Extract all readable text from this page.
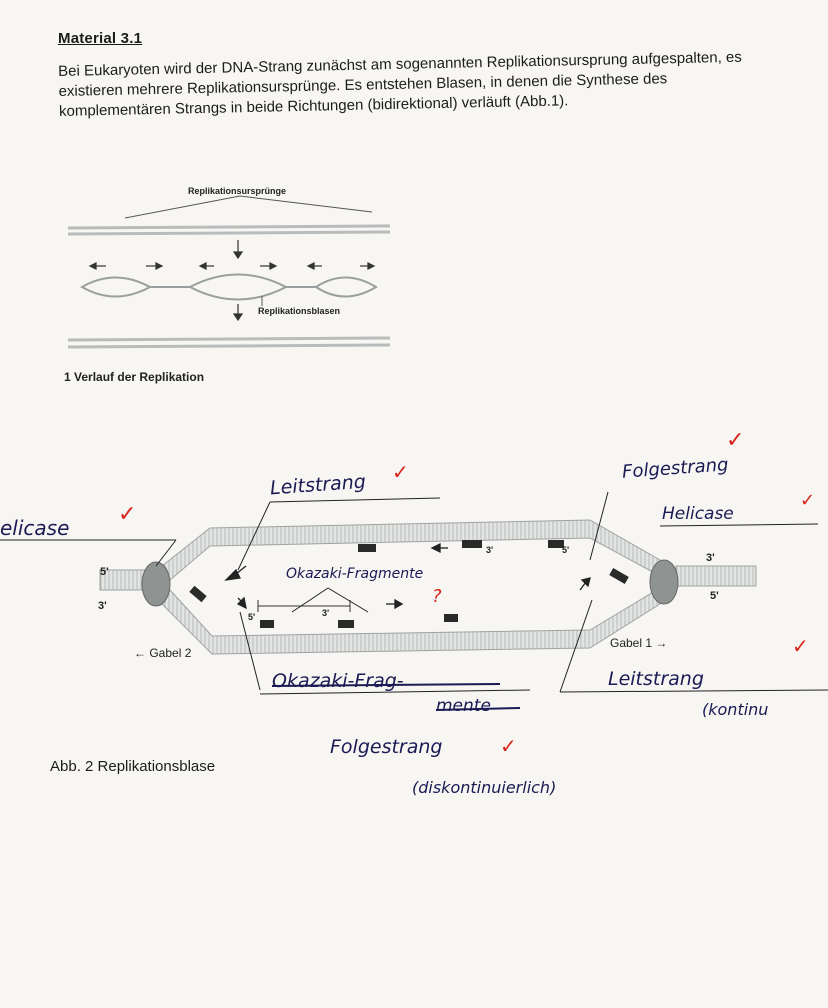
Material 3.1
Bei Eukaryoten wird der DNA-Strang zunächst am sogenannten Replikationsursprung aufgespalten, es existieren mehrere Replikationsursprünge. Es entstehen Blasen, in denen die Synthese des komplementären Strangs in beide Richtungen (bidirektional) verläuft (Abb.1).
Replikationsursprünge
Replikationsblasen
1 Verlauf der Replikation
5'
3'
3'
5'
3'	5'
5'	3'
← Gabel 2
Gabel 1 →
Abb. 2 Replikationsblase
Leitstrang ✓	Folgestrang
✓
Helicase
✓
elicase
✓
Okazaki-Fragmente
?
Okazaki-Frag-
mente
Folgestrang	✓
(diskontinuierlich)
Leitstrang
✓
(kontinu
